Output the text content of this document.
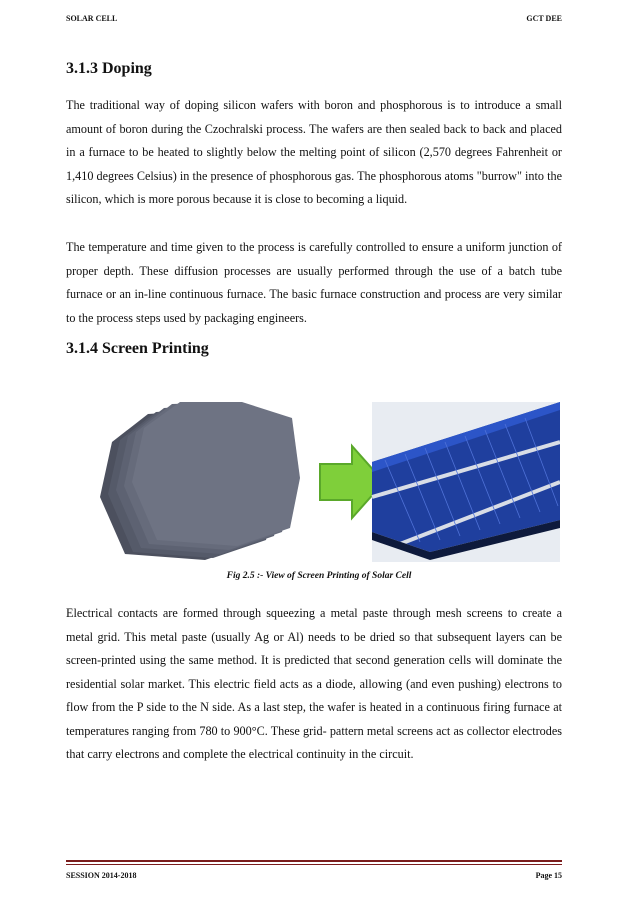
SOLAR CELL	GCT DEE
3.1.3 Doping

The traditional way of doping silicon wafers with boron and phosphorous is to introduce a small amount of boron during the Czochralski process. The wafers are then sealed back to back and placed in a furnace to be heated to slightly below the melting point of silicon (2,570 degrees Fahrenheit or 1,410 degrees Celsius) in the presence of phosphorous gas. The phosphorous atoms "burrow" into the silicon, which is more porous because it is close to becoming a liquid.

The temperature and time given to the process is carefully controlled to ensure a uniform junction of proper depth. These diffusion processes are usually performed through the use of a batch tube furnace or an in-line continuous furnace. The basic furnace construction and process are very similar to the process steps used by packaging engineers.

3.1.4 Screen Printing
Fig 2.5 :- View of Screen Printing of Solar Cell

Electrical contacts are formed through squeezing a metal paste through mesh screens to create a metal grid. This metal paste (usually Ag or Al) needs to be dried so that subsequent layers can be screen-printed using the same method. It is predicted that second generation cells will dominate the residential solar market. This electric field acts as a diode, allowing (and even pushing) electrons to flow from the P side to the N side. As a last step, the wafer is heated in a continuous firing furnace at temperatures ranging from 780 to 900°C. These grid- pattern metal screens act as collector electrodes that carry electrons and complete the electrical continuity in the circuit.

SESSION 2014-2018	Page 15
